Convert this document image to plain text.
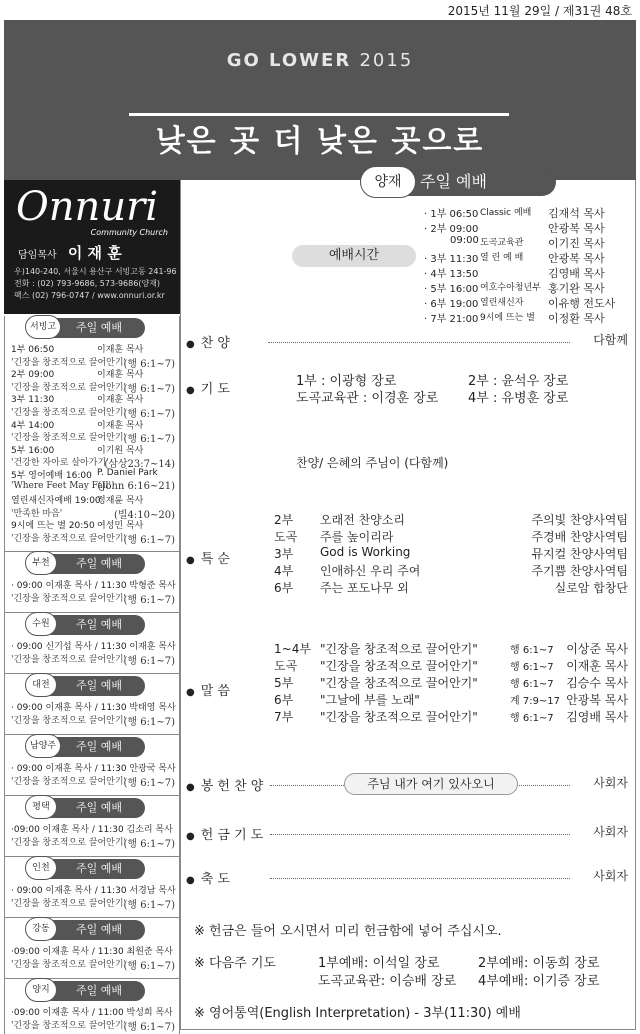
2015년 11월 29일 / 제31권 48호
GO LOWER 2015
낮은 곳 더 낮은 곳으로
Onnuri
Community Church
담임목사 이 재 훈
우)140-240, 서울시 용산구 서빙고동 241-96
전화 : (02) 793-9686, 573-9686(양재)
팩스 (02) 796-0747 / www.onnuri.or.kr
주일 예배
서빙고
1부 06:50	이재훈 목사
'긴장을 창조적으로 끌어안기'
(행 6:1~7)
2부 09:00	이재훈 목사
'긴장을 창조적으로 끌어안기'
(행 6:1~7)
3부 11:30	이재훈 목사
'긴장을 창조적으로 끌어안기'
(행 6:1~7)
4부 14:00	이재훈 목사
'긴장을 창조적으로 끌어안기'
(행 6:1~7)
5부 16:00	이기원 목사
'건강한 자아로 살아가기'
(삼상23:7~14)
5부 영어예배 16:00 P. Daniel Park
'Where Feet May Fail'
(John 6:16~21)
열린새신자예배 19:00
정재륜 목사
'만족한 마음'	(빌4:10~20)
9시에 뜨는 별 20:50 여성민 목사
'긴장을 창조적으로 끌어안기'
(행 6:1~7)
주일 예배
부천
· 09:00 이재훈 목사 / 11:30 박형준 목사
'긴장을 창조적으로 끌어안기'
(행 6:1~7)
주일 예배
수원
· 09:00 신기섭 목사 / 11:30 이재훈 목사
'긴장을 창조적으로 끌어안기'
(행 6:1~7)
주일 예배
대전
· 09:00 이재훈 목사 / 11:30 박태영 목사
'긴장을 창조적으로 끌어안기'
(행 6:1~7)
주일 예배
남양주
· 09:00 이재훈 목사 / 11:30 안광국 목사
'긴장을 창조적으로 끌어안기'
(행 6:1~7)
주일 예배
평택
·09:00 이재훈 목사 / 11:30 김소리 목사
'긴장을 창조적으로 끌어안기'
(행 6:1~7)
주일 예배
인천
· 09:00 이재훈 목사 / 11:30 서경남 목사
'긴장을 창조적으로 끌어안기'
(행 6:1~7)
주일 예배
강동
·09:00 이재훈 목사 / 11:30 최원준 목사
'긴장을 창조적으로 끌어안기'
(행 6:1~7)
주일 예배
양지
·09:00 이재훈 목사 / 11:00 박성희 목사
'긴장을 창조적으로 끌어안기'
(행 6:1~7)
주일 예배
양재
예배시간
· 1부 06:50 Classic 예배 김재석 목사
· 2부 09:00	안광복 목사
09:00 도곡교육관 이기진 목사
· 3부 11:30 열 린 예 배 안광복 목사
· 4부 13:50	김영배 목사
· 5부 16:00 여호수아청년부 홍기완 목사
· 6부 19:00 열린새신자 이유행 전도사
· 7부 21:00 9시에 뜨는 별 이정환 목사
● 찬 양	다함께
● 기 도
1부 : 이광형 장로	2부 : 윤석우 장로
도곡교육관 : 이경훈 장로 4부 : 유병훈 장로
찬양/ 은혜의 주님이 (다함께)
● 특 순
2부 오래전 찬양소리	주의빛 찬양사역팀
도곡 주를 높이리라	주경배 찬양사역팀
3부 God is Working	뮤지컬 찬양사역팀
4부 인애하신 우리 주여	주기쁨 찬양사역팀
6부 주는 포도나무 외	실로암 합창단
● 말 씀
1~4부 "긴장을 창조적으로 끌어안기"	행 6:1~7 이상준 목사
도곡 "긴장을 창조적으로 끌어안기"	행 6:1~7 이재훈 목사
5부 "긴장을 창조적으로 끌어안기"	행 6:1~7 김승수 목사
6부 "그날에 부를 노래"	계 7:9~17 안광복 목사
7부 "긴장을 창조적으로 끌어안기"	행 6:1~7 김영배 목사
● 봉 헌 찬 양	주님 내가 여기 있사오니	사회자
● 헌 금 기 도	사회자
● 축 도	사회자
※ 헌금은 들어 오시면서 미리 헌금함에 넣어 주십시오.
※ 다음주 기도	1부예배: 이석일 장로	2부예배: 이동희 장로
도곡교육관: 이승배 장로 4부예배: 이기증 장로
※ 영어통역(English Interpretation) - 3부(11:30) 예배
